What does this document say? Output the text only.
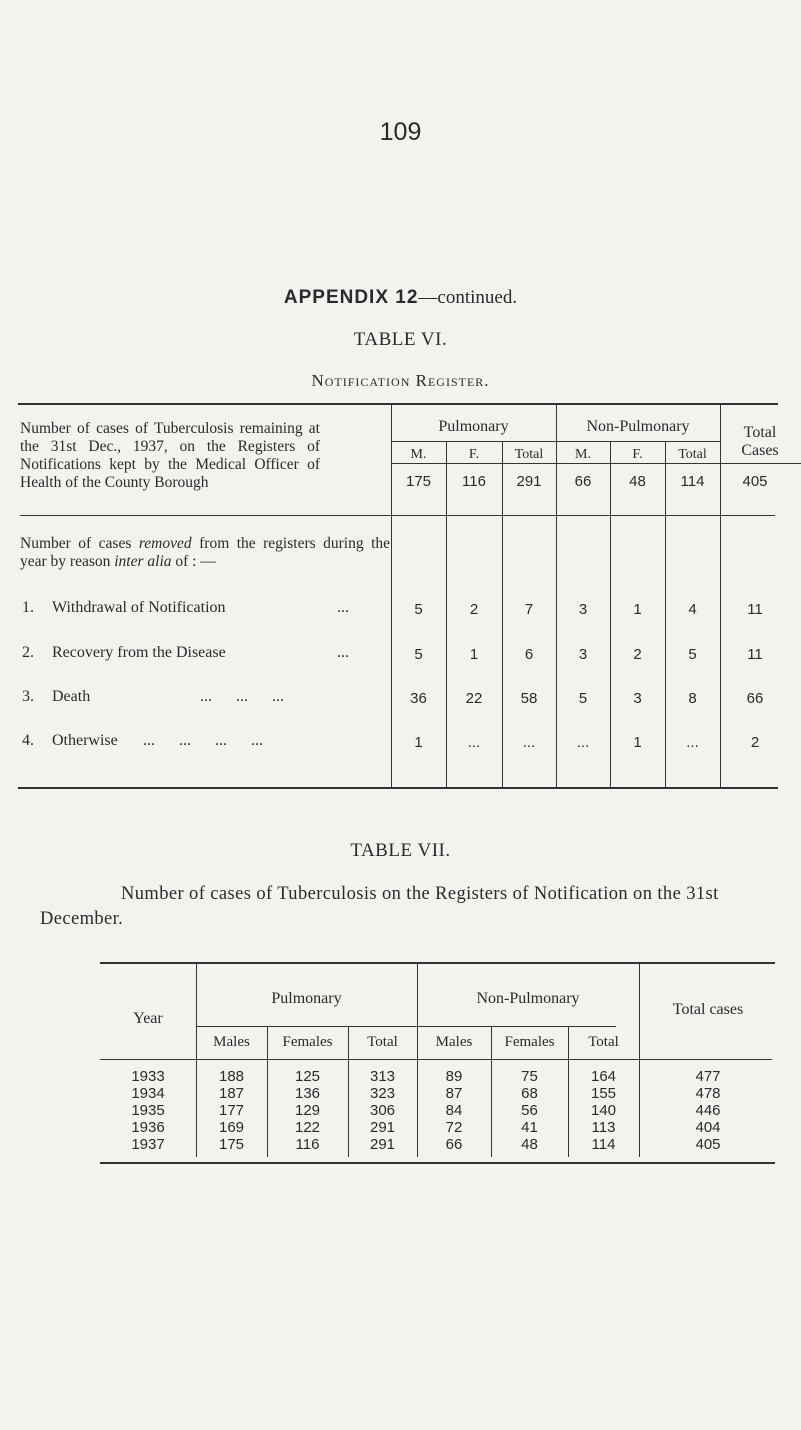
109
APPENDIX 12—continued.
TABLE VI.
Notification Register.
Pulmonary	Non-Pulmonary	Total Cases
M.	F.	Total	M.	F.	Total
Number of cases of Tuberculosis remaining at the 31st Dec., 1937, on the Registers of Notifications kept by the Medical Officer of Health of the County Borough	175	116	291	66	48	114	405
Number of cases removed from the registers during the year by reason inter alia of : —
1. Withdrawal of Notification	...	5	2	7	3	1	4	11
2. Recovery from the Disease	...	5	1	6	3	2	5	11
3. Death	...      ...      ...	36	22	58	5	3	8	66
4. Otherwise ...      ...      ...      ...	1	...	...	...	1	...	2
TABLE VII.
Number of cases of Tuberculosis on the Registers of Notification on the 31st December.
Year
Pulmonary	Non-Pulmonary
Total cases
Males	Females	Total	Males	Females	Total
1933	188	125	313	89	75	164	477
1934	187	136	323	87	68	155	478
1935	177	129	306	84	56	140	446
1936	169	122	291	72	41	113	404
1937	175	116	291	66	48	114	405
